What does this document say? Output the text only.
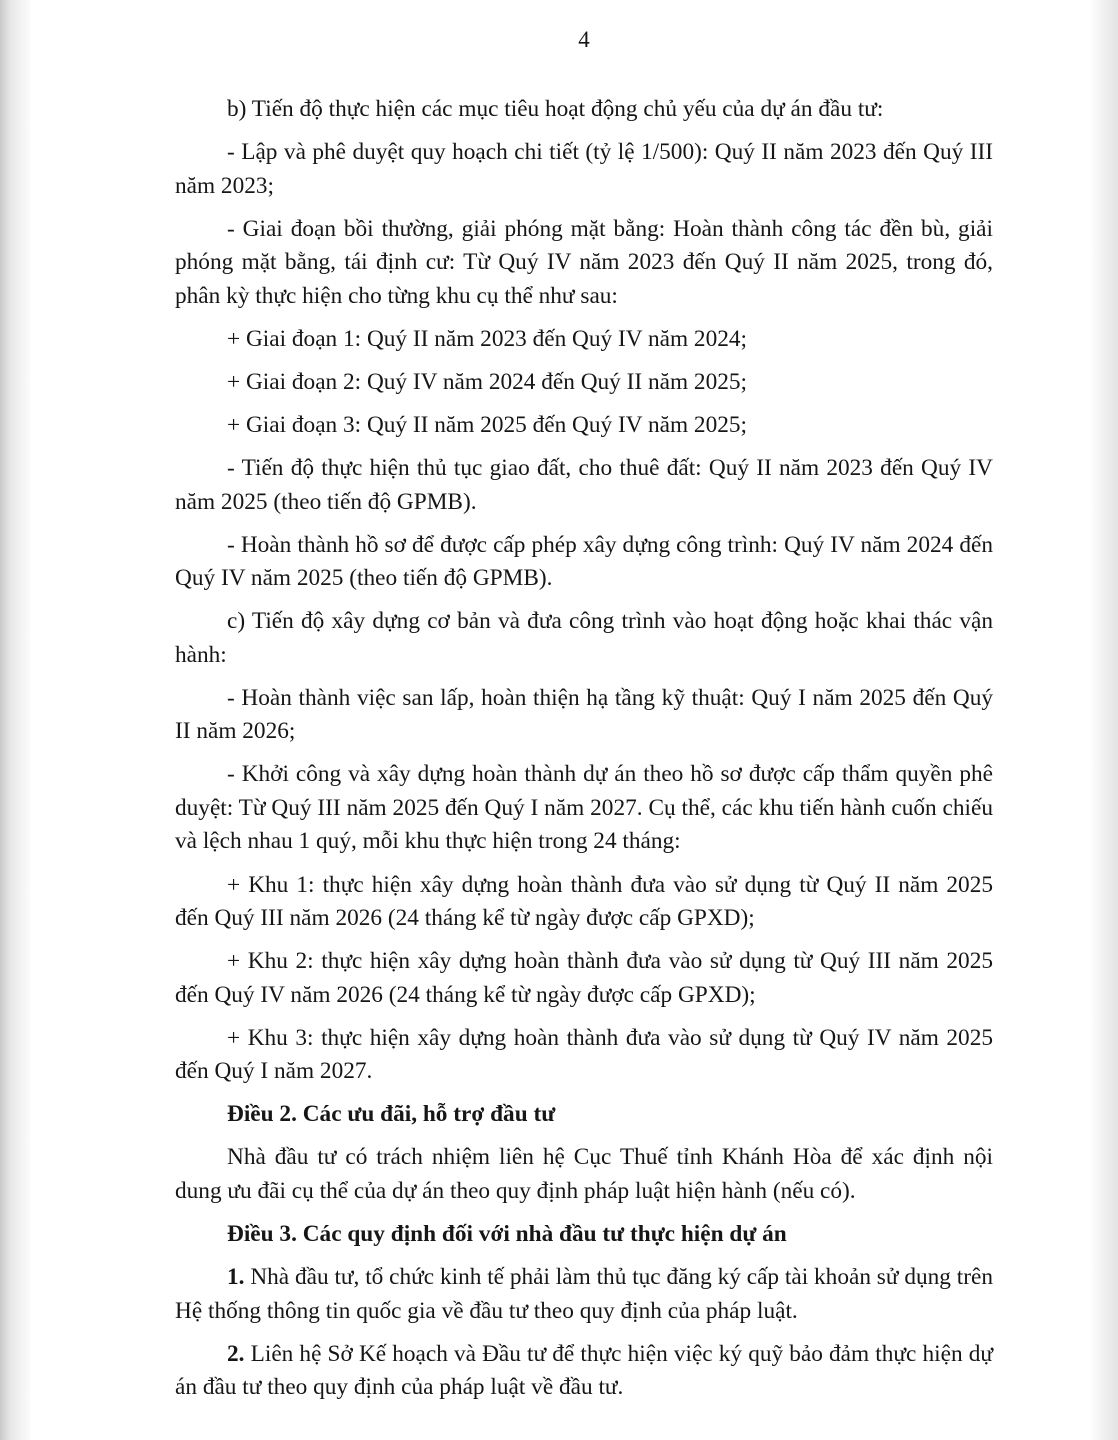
4

b) Tiến độ thực hiện các mục tiêu hoạt động chủ yếu của dự án đầu tư:

- Lập và phê duyệt quy hoạch chi tiết (tỷ lệ 1/500): Quý II năm 2023 đến Quý III năm 2023;

- Giai đoạn bồi thường, giải phóng mặt bằng: Hoàn thành công tác đền bù, giải phóng mặt bằng, tái định cư: Từ Quý IV năm 2023 đến Quý II năm 2025, trong đó, phân kỳ thực hiện cho từng khu cụ thể như sau:

+ Giai đoạn 1: Quý II năm 2023 đến Quý IV năm 2024;

+ Giai đoạn 2: Quý IV năm 2024 đến Quý II năm 2025;

+ Giai đoạn 3: Quý II năm 2025 đến Quý IV năm 2025;

- Tiến độ thực hiện thủ tục giao đất, cho thuê đất: Quý II năm 2023 đến Quý IV năm 2025 (theo tiến độ GPMB).

- Hoàn thành hồ sơ để được cấp phép xây dựng công trình: Quý IV năm 2024 đến Quý IV năm 2025 (theo tiến độ GPMB).

c) Tiến độ xây dựng cơ bản và đưa công trình vào hoạt động hoặc khai thác vận hành:

- Hoàn thành việc san lấp, hoàn thiện hạ tầng kỹ thuật: Quý I năm 2025 đến Quý II năm 2026;

- Khởi công và xây dựng hoàn thành dự án theo hồ sơ được cấp thẩm quyền phê duyệt: Từ Quý III năm 2025 đến Quý I năm 2027. Cụ thể, các khu tiến hành cuốn chiếu và lệch nhau 1 quý, mỗi khu thực hiện trong 24 tháng:

+ Khu 1: thực hiện xây dựng hoàn thành đưa vào sử dụng từ Quý II năm 2025 đến Quý III năm 2026 (24 tháng kể từ ngày được cấp GPXD);

+ Khu 2: thực hiện xây dựng hoàn thành đưa vào sử dụng từ Quý III năm 2025 đến Quý IV năm 2026 (24 tháng kể từ ngày được cấp GPXD);

+ Khu 3: thực hiện xây dựng hoàn thành đưa vào sử dụng từ Quý IV năm 2025 đến Quý I năm 2027.

Điều 2. Các ưu đãi, hỗ trợ đầu tư

Nhà đầu tư có trách nhiệm liên hệ Cục Thuế tỉnh Khánh Hòa để xác định nội dung ưu đãi cụ thể của dự án theo quy định pháp luật hiện hành (nếu có).

Điều 3. Các quy định đối với nhà đầu tư thực hiện dự án

1. Nhà đầu tư, tổ chức kinh tế phải làm thủ tục đăng ký cấp tài khoản sử dụng trên Hệ thống thông tin quốc gia về đầu tư theo quy định của pháp luật.

2. Liên hệ Sở Kế hoạch và Đầu tư để thực hiện việc ký quỹ bảo đảm thực hiện dự án đầu tư theo quy định của pháp luật về đầu tư.
